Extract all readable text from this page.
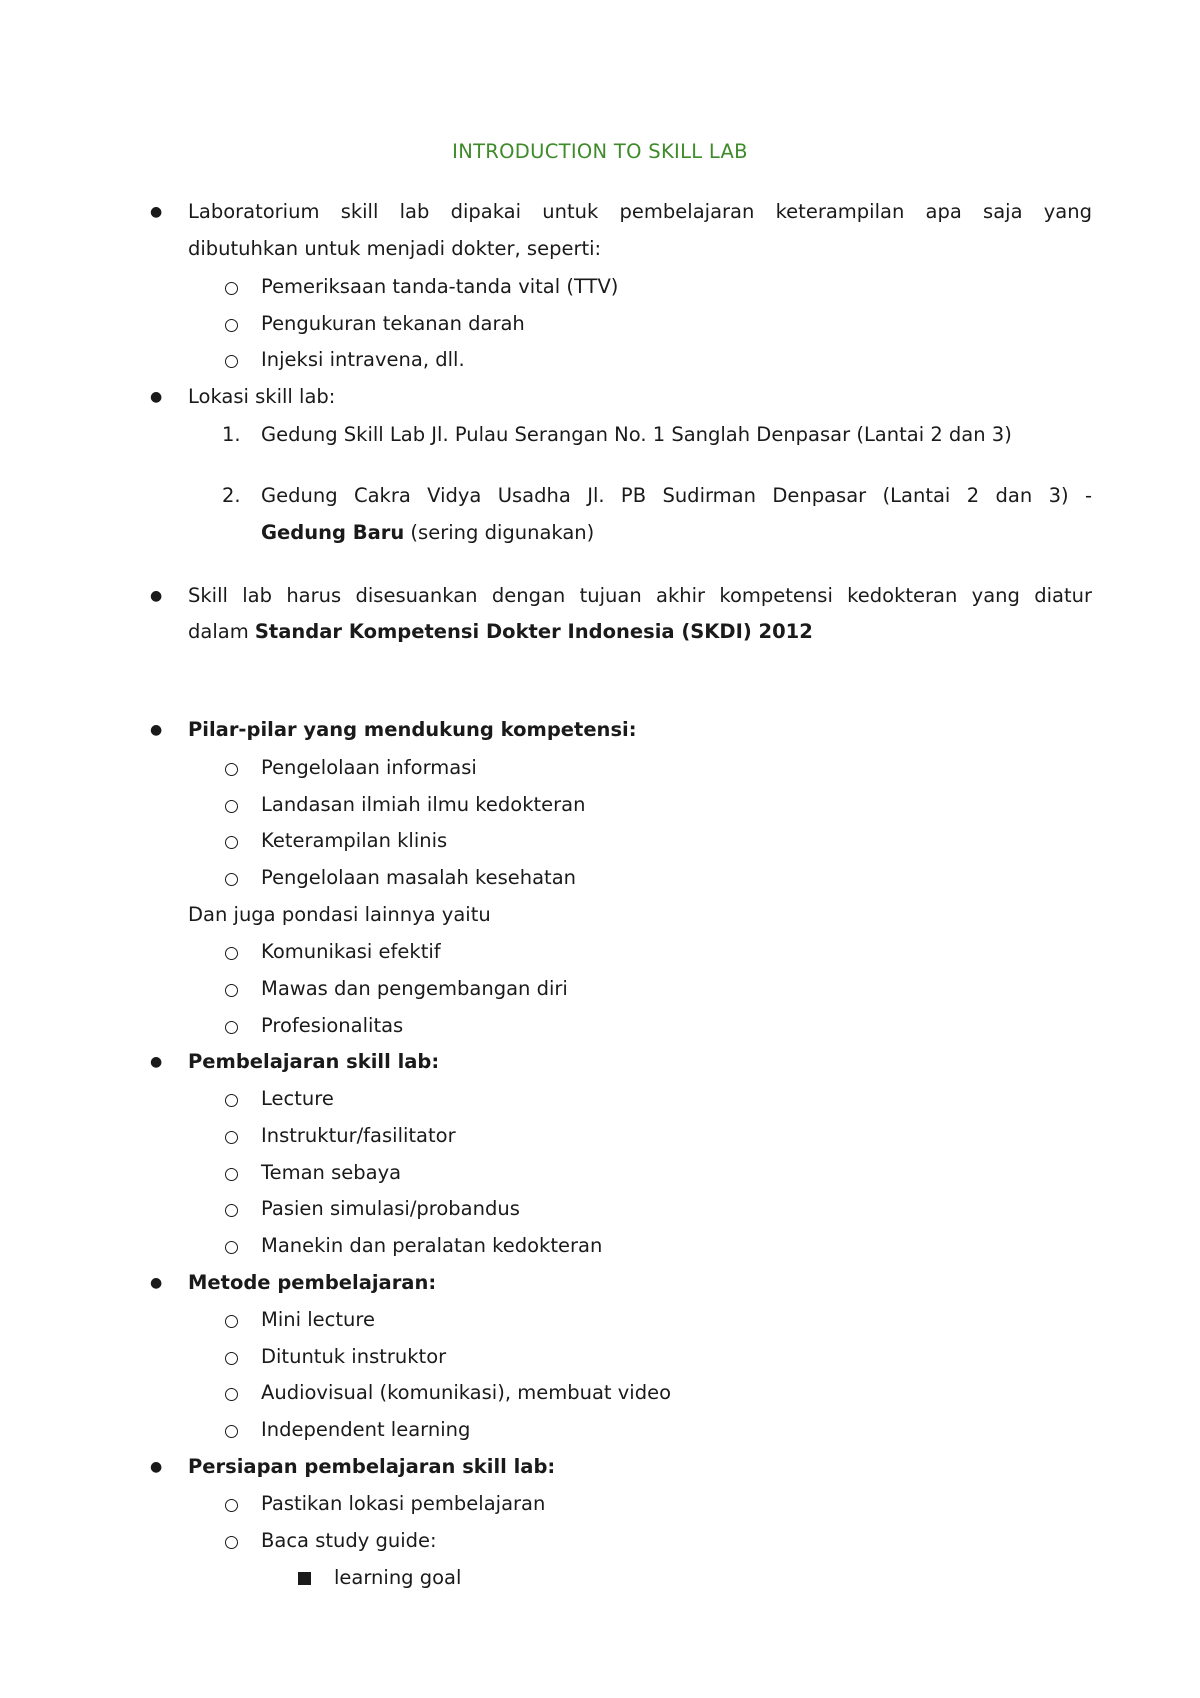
INTRODUCTION TO SKILL LAB
● Laboratorium skill lab dipakai untuk pembelajaran keterampilan apa saja yang
dibutuhkan untuk menjadi dokter, seperti:
Pemeriksaan tanda-tanda vital (TTV)
Pengukuran tekanan darah
Injeksi intravena, dll.
● Lokasi skill lab:
1. Gedung Skill Lab Jl. Pulau Serangan No. 1 Sanglah Denpasar (Lantai 2 dan 3)
2. Gedung Cakra Vidya Usadha Jl. PB Sudirman Denpasar (Lantai 2 dan 3) -
Gedung Baru (sering digunakan)
● Skill lab harus disesuankan dengan tujuan akhir kompetensi kedokteran yang diatur
dalam Standar Kompetensi Dokter Indonesia (SKDI) 2012
● Pilar-pilar yang mendukung kompetensi:
Pengelolaan informasi
Landasan ilmiah ilmu kedokteran
Keterampilan klinis
Pengelolaan masalah kesehatan
Dan juga pondasi lainnya yaitu
Komunikasi efektif
Mawas dan pengembangan diri
Profesionalitas
● Pembelajaran skill lab:
Lecture
Instruktur/fasilitator
Teman sebaya
Pasien simulasi/probandus
Manekin dan peralatan kedokteran
● Metode pembelajaran:
Mini lecture
Dituntuk instruktor
Audiovisual (komunikasi), membuat video
Independent learning
● Persiapan pembelajaran skill lab:
Pastikan lokasi pembelajaran
Baca study guide:
learning goal
